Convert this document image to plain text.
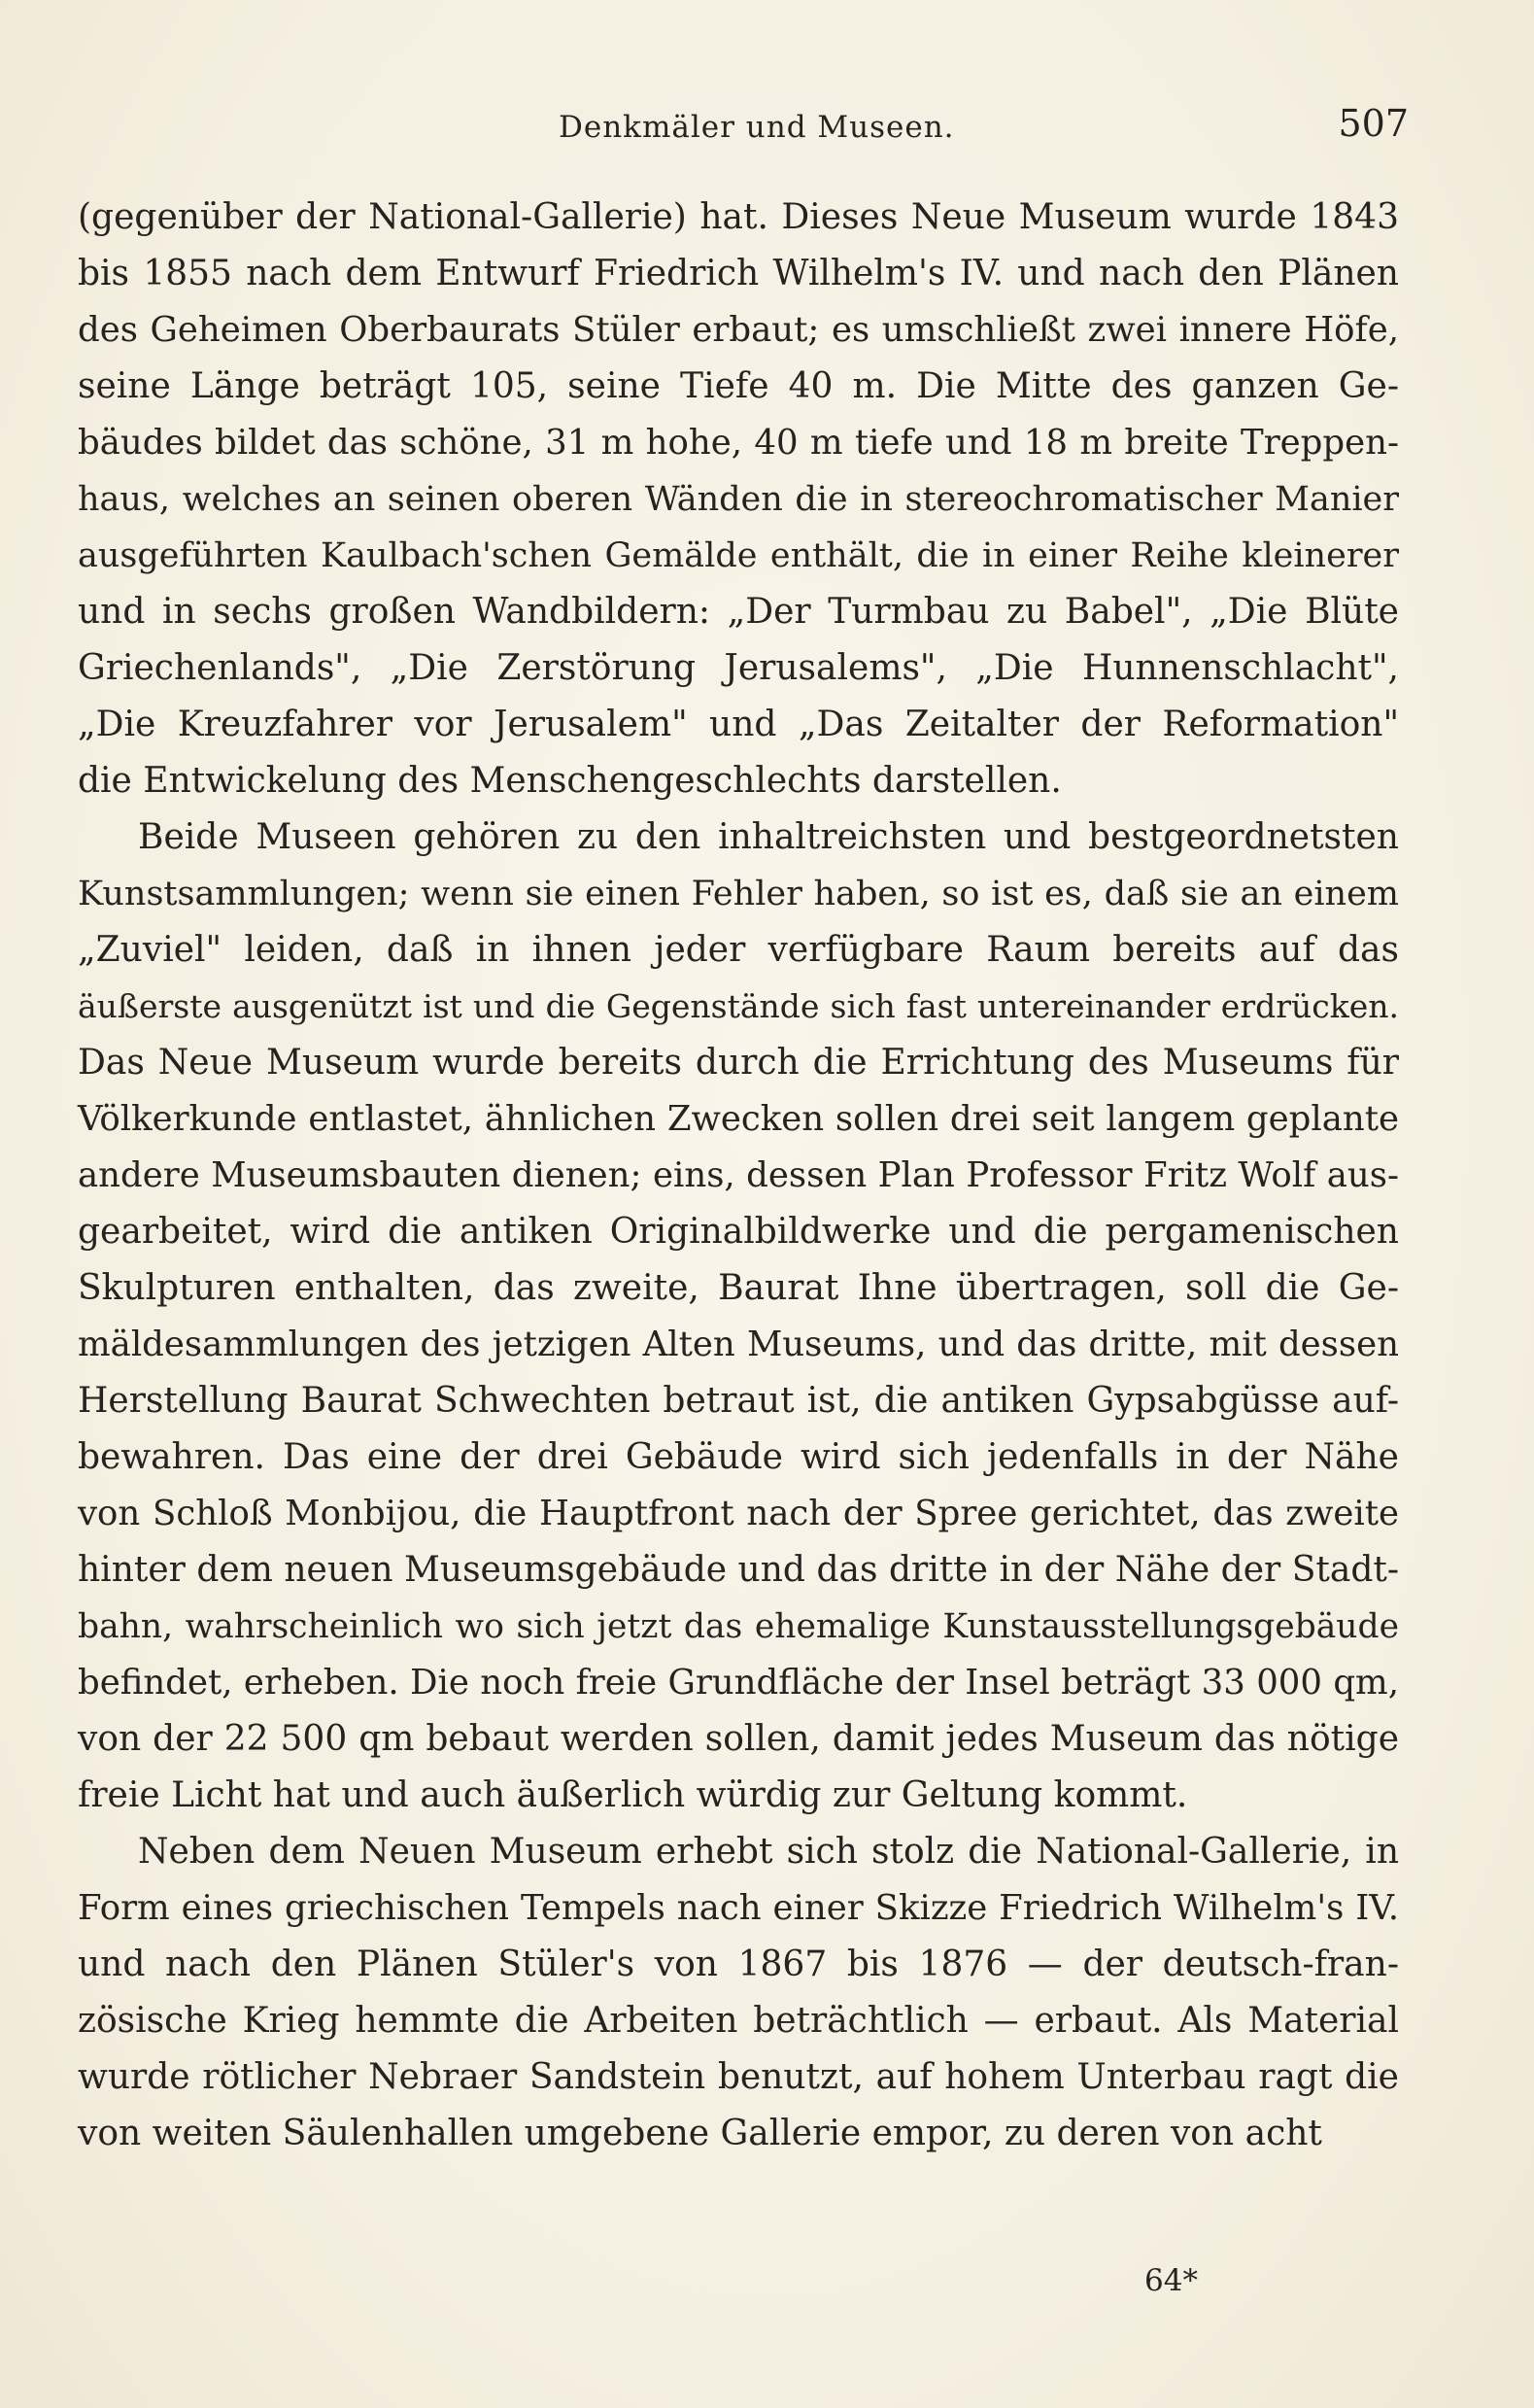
Denkmäler und Museen.	507
(gegenüber der National-Gallerie) hat. Dieses Neue Museum wurde 1843
bis 1855 nach dem Entwurf Friedrich Wilhelm's IV. und nach den Plänen
des Geheimen Oberbaurats Stüler erbaut; es umschließt zwei innere Höfe,
seine Länge beträgt 105, seine Tiefe 40 m. Die Mitte des ganzen Ge-
bäudes bildet das schöne, 31 m hohe, 40 m tiefe und 18 m breite Treppen-
haus, welches an seinen oberen Wänden die in stereochromatischer Manier
ausgeführten Kaulbach'schen Gemälde enthält, die in einer Reihe kleinerer
und in sechs großen Wandbildern: „Der Turmbau zu Babel", „Die Blüte
Griechenlands", „Die Zerstörung Jerusalems", „Die Hunnenschlacht",
„Die Kreuzfahrer vor Jerusalem" und „Das Zeitalter der Reformation"
die Entwickelung des Menschengeschlechts darstellen.
Beide Museen gehören zu den inhaltreichsten und bestgeordnetsten
Kunstsammlungen; wenn sie einen Fehler haben, so ist es, daß sie an einem
„Zuviel" leiden, daß in ihnen jeder verfügbare Raum bereits auf das
äußerste ausgenützt ist und die Gegenstände sich fast untereinander erdrücken.
Das Neue Museum wurde bereits durch die Errichtung des Museums für
Völkerkunde entlastet, ähnlichen Zwecken sollen drei seit langem geplante
andere Museumsbauten dienen; eins, dessen Plan Professor Fritz Wolf aus-
gearbeitet, wird die antiken Originalbildwerke und die pergamenischen
Skulpturen enthalten, das zweite, Baurat Ihne übertragen, soll die Ge-
mäldesammlungen des jetzigen Alten Museums, und das dritte, mit dessen
Herstellung Baurat Schwechten betraut ist, die antiken Gypsabgüsse auf-
bewahren. Das eine der drei Gebäude wird sich jedenfalls in der Nähe
von Schloß Monbijou, die Hauptfront nach der Spree gerichtet, das zweite
hinter dem neuen Museumsgebäude und das dritte in der Nähe der Stadt-
bahn, wahrscheinlich wo sich jetzt das ehemalige Kunstausstellungsgebäude
befindet, erheben. Die noch freie Grundfläche der Insel beträgt 33 000 qm,
von der 22 500 qm bebaut werden sollen, damit jedes Museum das nötige
freie Licht hat und auch äußerlich würdig zur Geltung kommt.
Neben dem Neuen Museum erhebt sich stolz die National-Gallerie, in
Form eines griechischen Tempels nach einer Skizze Friedrich Wilhelm's IV.
und nach den Plänen Stüler's von 1867 bis 1876 — der deutsch-fran-
zösische Krieg hemmte die Arbeiten beträchtlich — erbaut. Als Material
wurde rötlicher Nebraer Sandstein benutzt, auf hohem Unterbau ragt die
von weiten Säulenhallen umgebene Gallerie empor, zu deren von acht
64*
